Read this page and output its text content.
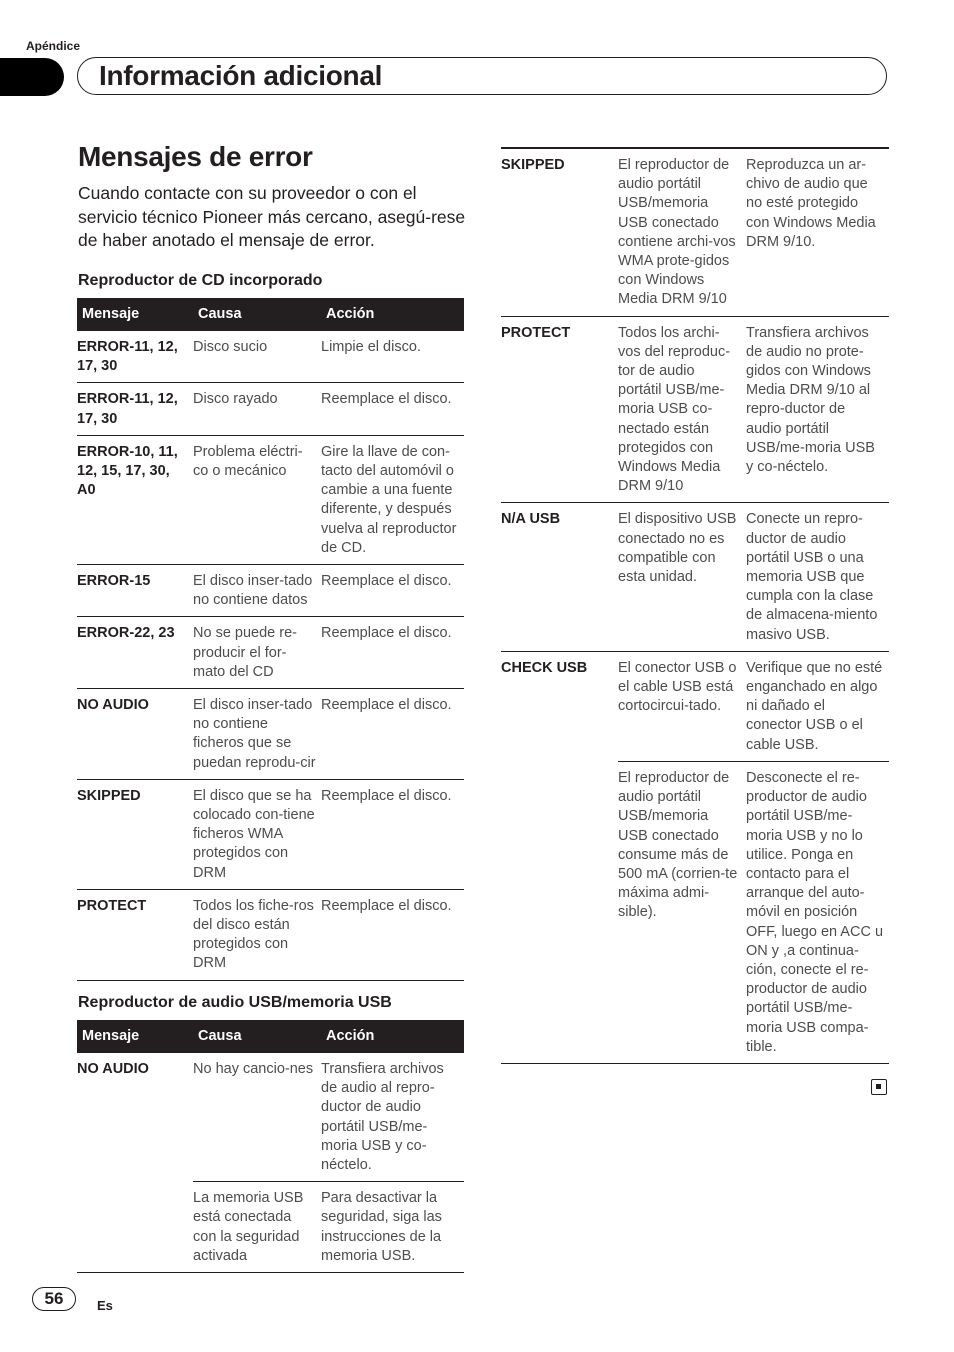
Apéndice
Información adicional
Mensajes de error
Cuando contacte con su proveedor o con el servicio técnico Pioneer más cercano, asegú-rese de haber anotado el mensaje de error.
Reproductor de CD incorporado
Mensaje	Causa	Acción
ERROR-11, 12, 17, 30	Disco sucio	Limpie el disco.
ERROR-11, 12, 17, 30	Disco rayado	Reemplace el disco.
ERROR-10, 11, 12, 15, 17, 30, A0	Problema eléctri-co o mecánico	Gire la llave de con-tacto del automóvil o cambie a una fuente diferente, y después vuelva al reproductor de CD.
ERROR-15	El disco inser-tado no contiene datos	Reemplace el disco.
ERROR-22, 23	No se puede re-producir el for-mato del CD	Reemplace el disco.
NO AUDIO	El disco inser-tado no contiene ficheros que se puedan reprodu-cir	Reemplace el disco.
SKIPPED	El disco que se ha colocado con-tiene ficheros WMA protegidos con DRM	Reemplace el disco.
PROTECT	Todos los fiche-ros del disco están protegidos con DRM	Reemplace el disco.
Reproductor de audio USB/memoria USB
Mensaje	Causa	Acción
NO AUDIO	No hay cancio-nes	Transfiera archivos de audio al repro-ductor de audio portátil USB/me-moria USB y co-néctelo.
	La memoria USB está conectada con la seguridad activada	Para desactivar la seguridad, siga las instrucciones de la memoria USB.
SKIPPED	El reproductor de audio portátil USB/memoria USB conectado contiene archi-vos WMA prote-gidos con Windows Media DRM 9/10	Reproduzca un ar-chivo de audio que no esté protegido con Windows Media DRM 9/10.
PROTECT	Todos los archi-vos del reproduc-tor de audio portátil USB/me-moria USB co-nectado están protegidos con Windows Media DRM 9/10	Transfiera archivos de audio no prote-gidos con Windows Media DRM 9/10 al repro-ductor de audio portátil USB/me-moria USB y co-néctelo.
N/A USB	El dispositivo USB conectado no es compatible con esta unidad.	Conecte un repro-ductor de audio portátil USB o una memoria USB que cumpla con la clase de almacena-miento masivo USB.
CHECK USB	El conector USB o el cable USB está cortocircui-tado.	Verifique que no esté enganchado en algo ni dañado el conector USB o el cable USB.
	El reproductor de audio portátil USB/memoria USB conectado consume más de 500 mA (corrien-te máxima admi-sible).	Desconecte el re-productor de audio portátil USB/me-moria USB y no lo utilice. Ponga en contacto para el arranque del auto-móvil en posición OFF, luego en ACC u ON y ,a continua-ción, conecte el re-productor de audio portátil USB/me-moria USB compa-tible.
56	Es
